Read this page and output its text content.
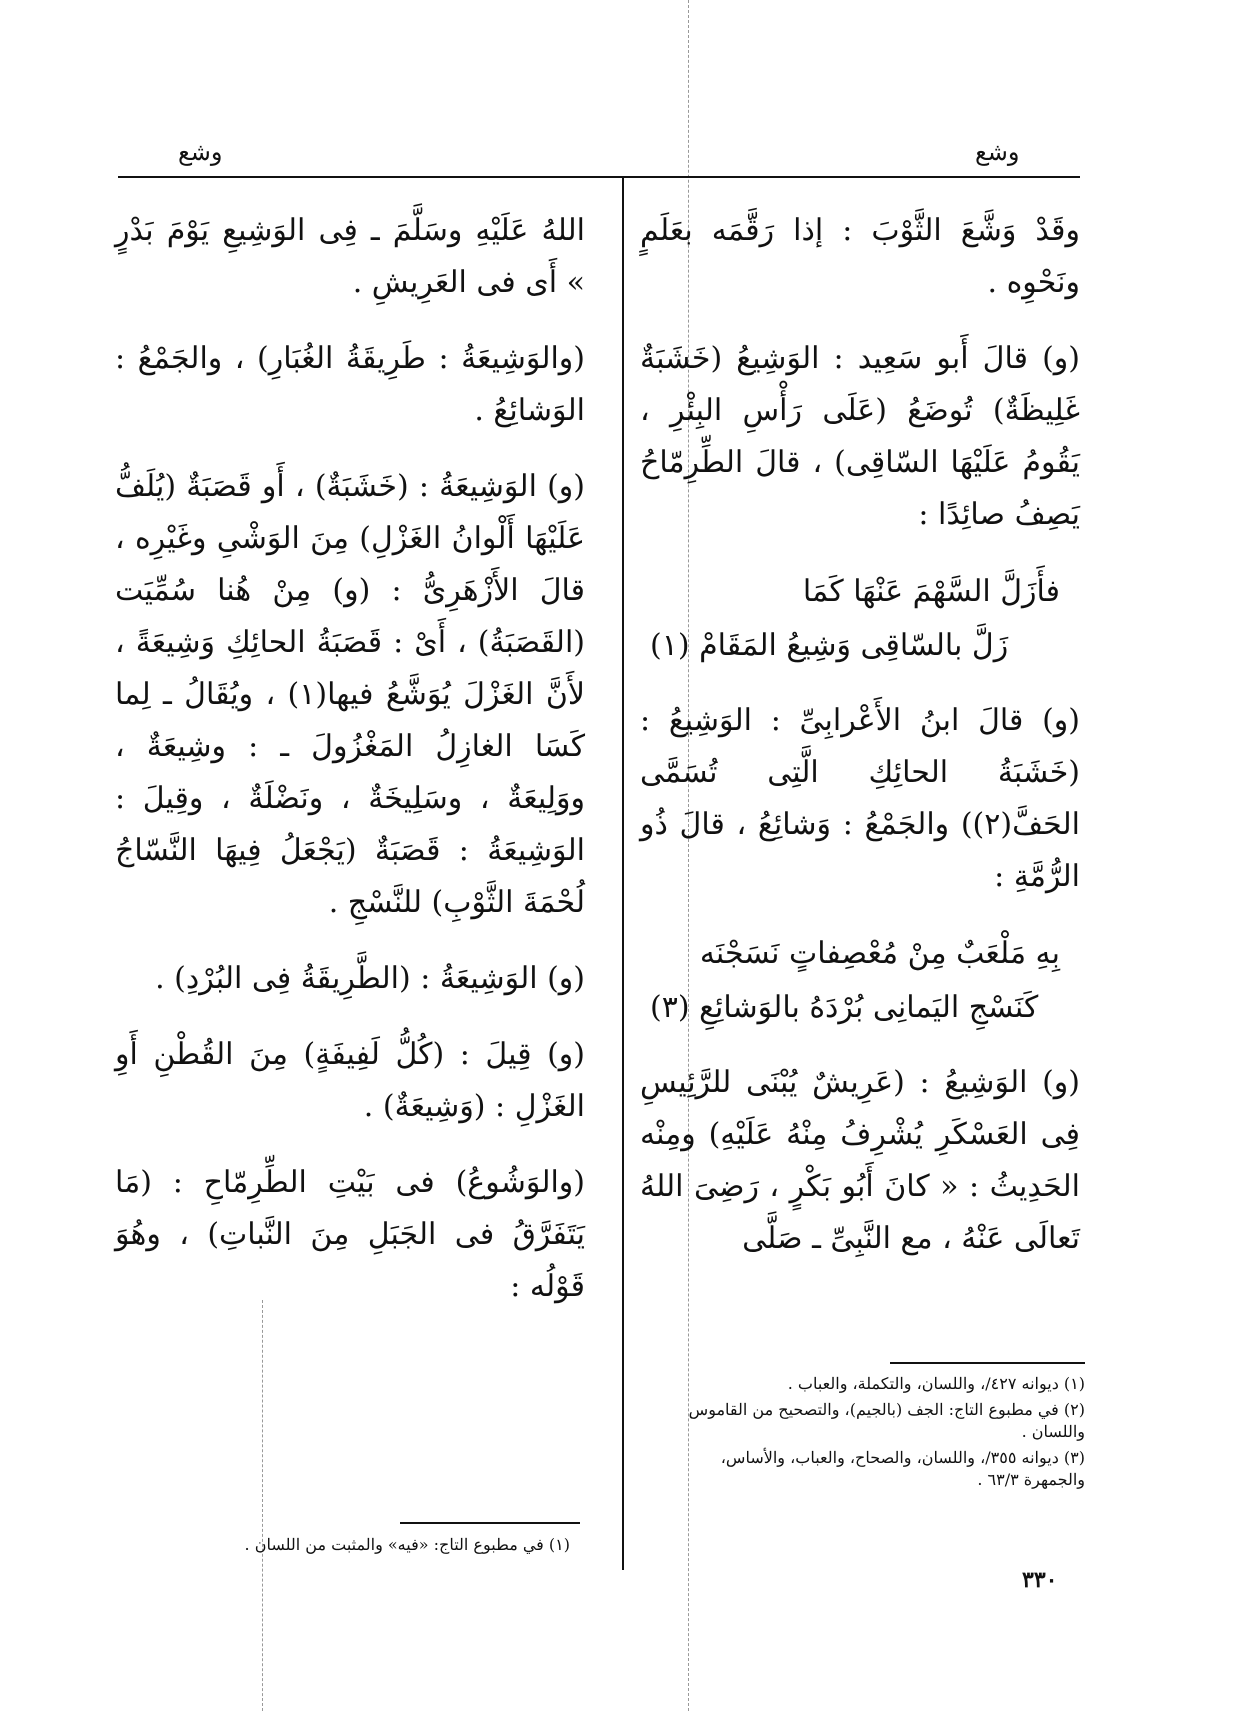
وشع
وشع

وقَدْ وَشَّعَ الثَّوْبَ : إذا رَقَّمَه بعَلَمٍ ونَحْوِه .

(و) قالَ أَبو سَعِيد : الوَشِيعُ (خَشَبَةٌ غَلِيظَةٌ) تُوضَعُ (عَلَى رَأْسِ البِئْرِ ، يَقُومُ عَلَيْهَا السّاقِى) ، قالَ الطِّرِمّاحُ يَصِفُ صائِدًا :

فأَزَلَّ السَّهْمَ عَنْهَا كَمَا
زَلَّ بالسّاقِى وَشِيعُ المَقَامْ (١)

(و) قالَ ابنُ الأَعْرابِىِّ : الوَشِيعُ : (خَشَبَةُ الحائِكِ الَّتِى تُسَمَّى الحَفَّ(٢)) والجَمْعُ : وَشائِعُ ، قالَ ذُو الرُّمَّةِ :

بِهِ مَلْعَبٌ مِنْ مُعْصِفاتٍ نَسَجْنَه
كَنَسْجِ اليَمانِى بُرْدَهُ بالوَشائِعِ (٣)

(و) الوَشِيعُ : (عَرِيشٌ يُبْنَى للرَّئِيسِ فِى العَسْكَرِ يُشْرِفُ مِنْهُ عَلَيْهِ) ومِنْه الحَدِيثُ : « كانَ أَبُو بَكْرٍ ، رَضِىَ اللهُ تَعالَى عَنْهُ ، مع النَّبِىِّ ـ صَلَّى

اللهُ عَلَيْهِ وسَلَّمَ ـ فِى الوَشِيعِ يَوْمَ بَدْرٍ » أَى فى العَرِيشِ .

(والوَشِيعَةُ : طَرِيقَةُ الغُبَارِ) ، والجَمْعُ : الوَشائِعُ .

(و) الوَشِيعَةُ : (خَشَبَةٌ) ، أَو قَصَبَةٌ (يُلَفُّ عَلَيْهَا أَلْوانُ الغَزْلِ) مِنَ الوَشْىِ وغَيْرِه ، قالَ الأَزْهَرِىُّ : (و) مِنْ هُنا سُمِّيَت (القَصَبَةُ) ، أَىْ : قَصَبَةُ الحائِكِ وَشِيعَةً ، لأَنَّ الغَزْلَ يُوَشَّعُ فيها(١) ، ويُقَالُ ـ لِما كَسَا الغازِلُ المَغْزُولَ ـ : وشِيعَةٌ ، ووَلِيعَةٌ ، وسَلِيخَةٌ ، ونَضْلَةٌ ، وقِيلَ : الوَشِيعَةُ : قَصَبَةٌ (يَجْعَلُ فِيهَا النَّسّاجُ لُحْمَةَ الثَّوْبِ) للنَّسْجِ .

(و) الوَشِيعَةُ : (الطَّرِيقَةُ فِى البُرْدِ) .

(و) قِيلَ : (كُلُّ لَفِيفَةٍ) مِنَ القُطْنِ أَوِ الغَزْلِ : (وَشِيعَةٌ) .

(والوَشُوعُ) فى بَيْتِ الطِّرِمّاحِ : (مَا يَتَفَرَّقُ فى الجَبَلِ مِنَ النَّباتِ) ، وهُوَ قَوْلُه :

(١) ديوانه ٤٢٧/، واللسان، والتكملة، والعباب .

(٢) في مطبوع التاج: الجف (بالجيم)، والتصحيح من القاموس واللسان .

(٣) ديوانه ٣٥٥/، واللسان، والصحاح، والعباب، والأساس، والجمهرة ٦٣/٣ .

(١) في مطبوع التاج: «فيه» والمثبت من اللسان .

٣٣٠
